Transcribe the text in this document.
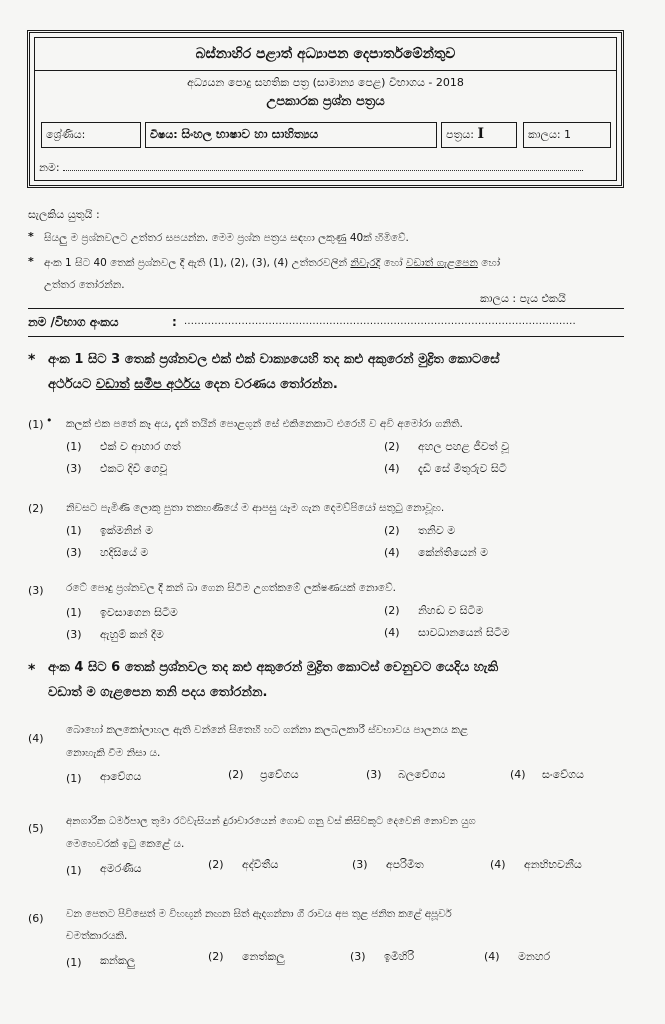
බස්නාහිර පළාත් අධ්‍යාපන දෙපාර්තමේන්තුව
අධ්‍යයන පොදු සහතික පත්‍ර (සාමාන්‍ය පෙළ) විභාගය - 2018
උපකාරක ප්‍රශ්න පත්‍රය
ශ්‍රේණිය:	විෂය: සිංහල භාෂාව හා සාහිත්‍යය	පත්‍රය: I	කාලය: 1
නම:
සැලකිය යුතුයි :
* සියලු ම ප්‍රශ්නවලට උත්තර සපයන්න. මෙම ප්‍රශ්න පත්‍රය සඳහා ලකුණු 40ක් හිමිවේ.
* අංක 1 සිට 40 තෙක් ප්‍රශ්නවල දී ඇති (1), (2), (3), (4) උත්තරවලින් නිවැරදි හෝ වඩාත් ගැළපෙන හෝ
උත්තර තෝරන්න.
කාලය : පැය එකයි
නම /විභාග අංකය	: ....................................................................................................................
* අංක 1 සිට 3 තෙක් ප්‍රශ්නවල එක් එක් වාක්‍යයෙහි තද කළු අකුරෙන් මුද්‍රිත කොටසේ
අර්ථයට වඩාත් සමීප අර්ථය දෙන වරණය තෝරන්න.
(1) • කලක් එක පතේ කෑ අය, දැන් තයින් පොළගුන් සේ එකිනෙකාට එරෙහි ව අවි අමෝරා ගනිති.
(1) එක් ව ආහාර ගත්	(2) අහල පහළ ජීවත් වූ
(3) එකට දිවි ගෙවූ	(4) දැඩි සේ මිතුරුව සිටි
(2) නිවසට පැමිණි ලොකු පුතා තකහණියේ ම ආපසු යෑම ගැන දෙමව්පියෝ සතුටු නොවූහ.
(1) ඉක්මනින් ම	(2) තනිව ම
(3) හදිසියේ ම	(4) කේන්තියෙන් ම
(3) රටේ පොදු ප්‍රශ්නවල දී කන් බා ගෙන සිටීම උගත්කමේ ලක්ෂණයක් නොවේ.
(1) ඉවසාගෙන සිටීම	(2) නිහඬ ව සිටීම
(3) ඇහුම් කන් දීම	(4) සාවධානයෙන් සිටීම
* අංක 4 සිට 6 තෙක් ප්‍රශ්නවල තද කළු අකුරෙන් මුද්‍රිත කොටස් වෙනුවට යෙදිය හැකි
වඩාත් ම ගැළපෙන තනි පදය තෝරන්න.
(4)
බොහෝ කලකෝලාහල ඇති වන්නේ සිතෙහි හට ගන්නා කලබලකාරී ස්වභාවය පාලනය කළ
නොහැකි වීම නිසා ය.
(1) ආවේගය	(2) ප්‍රවේගය	(3) බලවේගය	(4) සංවේගය
(5)
අනගාරික ධර්මපාල තුමා රටවැසියන් දුරාචාරයෙන් ගොඩ ගනු වස් කිසිවකුට දෙවෙනි නොවන යුග
මෙහෙවරක් ඉටු කෙළේ ය.
(1) අමරණීය	(2) අද්විතීය	(3) අපරිමිත	(4) අනභිභවනීය
(6) වන පෙතට පිවිසෙත් ම විහඟුන් නඟන සිත් ඇදගන්නා ගී රාවය අප තුළ ජනිත කළේ අපූර්ව
චමත්කාරයකි.
(1) කන්කලු	(2) නෙත්කලු	(3) ඉමිහිරි	(4) මනහර
